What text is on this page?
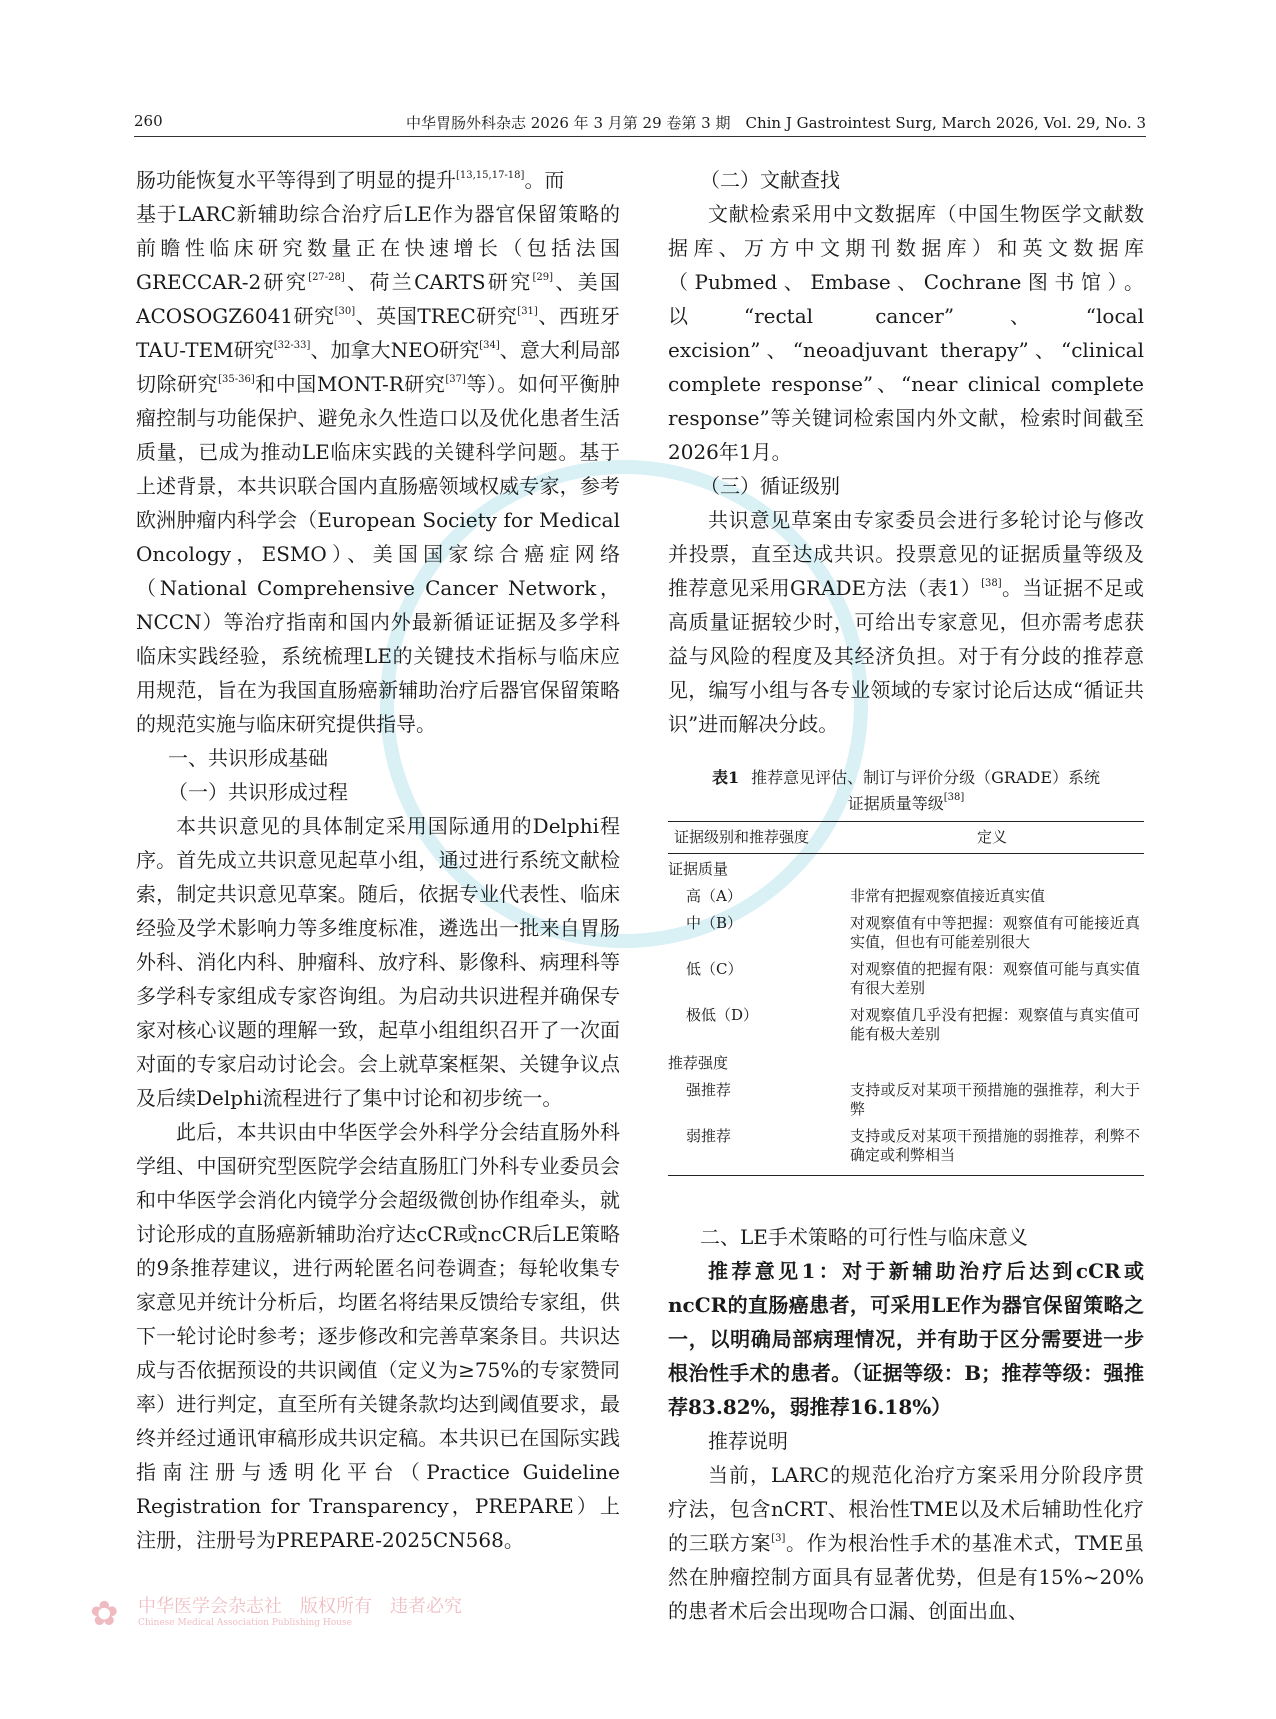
260	中华胃肠外科杂志 2026 年 3 月第 29 卷第 3 期　Chin J Gastrointest Surg, March 2026, Vol. 29, No. 3

肠功能恢复水平等得到了明显的提升[13,15,17-18]。而

基于LARC新辅助综合治疗后LE作为器官保留策略的前瞻性临床研究数量正在快速增长（包括法国GRECCAR-2研究[27-28]、荷兰CARTS研究[29]、美国ACOSOGZ6041研究[30]、英国TREC研究[31]、西班牙TAU-TEM研究[32-33]、加拿大NEO研究[34]、意大利局部切除研究[35-36]和中国MONT-R研究[37]等）。如何平衡肿瘤控制与功能保护、避免永久性造口以及优化患者生活质量，已成为推动LE临床实践的关键科学问题。基于上述背景，本共识联合国内直肠癌领域权威专家，参考欧洲肿瘤内科学会（European Society for Medical Oncology，ESMO）、美国国家综合癌症网络（National Comprehensive Cancer Network，NCCN）等治疗指南和国内外最新循证证据及多学科临床实践经验，系统梳理LE的关键技术指标与临床应用规范，旨在为我国直肠癌新辅助治疗后器官保留策略的规范实施与临床研究提供指导。

一、共识形成基础

（一）共识形成过程

本共识意见的具体制定采用国际通用的Delphi程序。首先成立共识意见起草小组，通过进行系统文献检索，制定共识意见草案。随后，依据专业代表性、临床经验及学术影响力等多维度标准，遴选出一批来自胃肠外科、消化内科、肿瘤科、放疗科、影像科、病理科等多学科专家组成专家咨询组。为启动共识进程并确保专家对核心议题的理解一致，起草小组组织召开了一次面对面的专家启动讨论会。会上就草案框架、关键争议点及后续Delphi流程进行了集中讨论和初步统一。

此后，本共识由中华医学会外科学分会结直肠外科学组、中国研究型医院学会结直肠肛门外科专业委员会和中华医学会消化内镜学分会超级微创协作组牵头，就讨论形成的直肠癌新辅助治疗达cCR或ncCR后LE策略的9条推荐建议，进行两轮匿名问卷调查；每轮收集专家意见并统计分析后，均匿名将结果反馈给专家组，供下一轮讨论时参考；逐步修改和完善草案条目。共识达成与否依据预设的共识阈值（定义为≥75%的专家赞同率）进行判定，直至所有关键条款均达到阈值要求，最终并经过通讯审稿形成共识定稿。本共识已在国际实践指南注册与透明化平台（Practice Guideline Registration for Transparency，PREPARE）上注册，注册号为PREPARE-2025CN568。

（二）文献查找

文献检索采用中文数据库（中国生物医学文献数据库、万方中文期刊数据库）和英文数据库（Pubmed、Embase、Cochrane图书馆）。以“rectal cancer”、“local excision”、“neoadjuvant therapy”、“clinical complete response”、“near clinical complete response”等关键词检索国内外文献，检索时间截至2026年1月。

（三）循证级别

共识意见草案由专家委员会进行多轮讨论与修改并投票，直至达成共识。投票意见的证据质量等级及推荐意见采用GRADE方法（表1）[38]。当证据不足或高质量证据较少时，可给出专家意见，但亦需考虑获益与风险的程度及其经济负担。对于有分歧的推荐意见，编写小组与各专业领域的专家讨论后达成“循证共识”进而解决分歧。

表1 推荐意见评估、制订与评价分级（GRADE）系统
证据质量等级[38]
证据级别和推荐强度	定义
证据质量	
高（A）	非常有把握观察值接近真实值
中（B）	对观察值有中等把握：观察值有可能接近真实值，但也有可能差别很大
低（C）	对观察值的把握有限：观察值可能与真实值有很大差别
极低（D）	对观察值几乎没有把握：观察值与真实值可能有极大差别
推荐强度	
强推荐	支持或反对某项干预措施的强推荐，利大于弊
弱推荐	支持或反对某项干预措施的弱推荐，利弊不确定或利弊相当

二、LE手术策略的可行性与临床意义

推荐意见1：对于新辅助治疗后达到cCR或ncCR的直肠癌患者，可采用LE作为器官保留策略之一，以明确局部病理情况，并有助于区分需要进一步根治性手术的患者。（证据等级：B；推荐等级：强推荐83.82%，弱推荐16.18%）

推荐说明

当前，LARC的规范化治疗方案采用分阶段序贯疗法，包含nCRT、根治性TME以及术后辅助性化疗的三联方案[3]。作为根治性手术的基准术式，TME虽然在肿瘤控制方面具有显著优势，但是有15%~20%的患者术后会出现吻合口漏、创面出血、

✿ 中华医学会杂志社　版权所有　违者必究
Chinese Medical Association Publishing House
